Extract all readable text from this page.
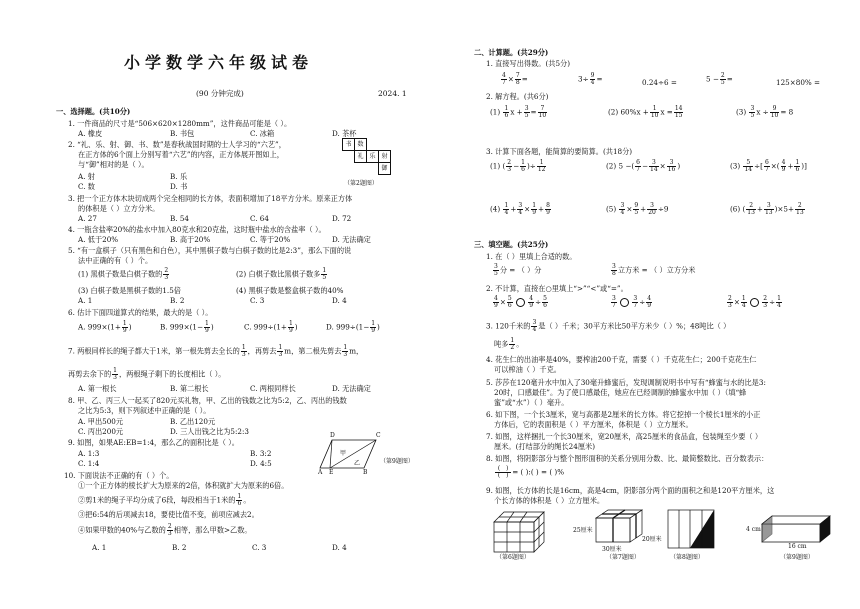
小学数学六年级试卷
(90 分钟完成)	2024. 1
一、选择题。(共10分)
1. 一件商品的尺寸是“506×620×1280mm”，这件商品可能是（ ）。
A. 橡皮	B. 书包	C. 冰箱	D. 茶杯
2. “礼、乐、射、御、书、数”是春秋战国时期的士人学习的“六艺”，
在正方体的6个面上分别写着“六艺”的内容，正方体展开图如上，
与“御”相对的是（ ）。
A. 射	B. 乐
C. 数	D. 书
书 数
礼 乐 射
御
（第2题图）
3. 把一个正方体木块切成两个完全相同的长方体，表面积增加了18平方分米。原来正方体
的体积是（ ）立方分米。
A. 27	B. 54	C. 64	D. 72
4. 一瓶含盐率20%的盐水中加入80克水和20克盐，这时瓶中盐水的含盐率（ ）。
A. 低于20%	B. 高于20%	C. 等于20%	D. 无法确定
5. “有一盒棋子（只有黑色和白色），其中黑棋子数与白棋子数的比是2:3”，那么下面的说
法中正确的有（ ）个。
(1) 黑棋子数是白棋子数的 $\frac{2}{3}$	(2) 白棋子数比黑棋子数多 $\frac{1}{5}$
(3) 白棋子数是黑棋子数的1.5倍	(4) 黑棋子数是整盒棋子数的40%
A. 1	B. 2	C. 3	D. 4
6. 估计下面四道算式的结果，最大的是（ ）。
A. $999\times(1+ \frac{1}{9}$ )	B. $999\times(1- \frac{1}{9}$ )	C. $999\div(1+ \frac{1}{9}$ )	D. $999\div(1- \frac{1}{9}$ )
7. 两根同样长的绳子都大于1米，第一根先剪去全长的 $\frac{1}{3}$ ，再剪去 $\frac{1}{3}$ m，第二根先剪去 $\frac{1}{3}$ m，
再剪去余下的 $\frac{1}{3}$ ，两根绳子剩下的长度相比（ ）。
A. 第一根长	B. 第二根长	C. 两根同样长	D. 无法确定
8. 甲、乙、丙三人一起买了820元买礼物，甲、乙出的钱数之比为5:2，乙、丙出的钱数
之比为5:3，则下列叙述中正确的是（ ）。
A. 甲出500元	B. 乙出120元
C. 丙出200元	D. 三人出钱之比为5:2:3
9. 如图，如果AE:EB=1:4，那么乙的面积比是（ ）。
A. 1:3	B. 3:2
C. 1:4	D. 4:5
D	C
甲
乙
A E	B
（第9题图）
10. 下面说法不正确的有（ ）个。
①一个正方体的棱长扩大为原来的2倍，体积就扩大为原来的6倍。
②剪1米的绳子平均分成了6段，每段相当于1米的 $\frac{1}{6}$ 。
③把6:54的后项减去18，要使比值不变，前项应减去2。
④如果甲数的40%与乙数的 $\frac{2}{3}$ 相等，那么甲数>乙数。
A. 1	B. 2	C. 3	D. 4
二、计算题。(共29分)
1. 直接写出得数。(共5分)
$\frac{4}{7} \times \frac{7}{8}$ =	$3\div \frac{9}{4}$ =	0.24÷6 =	$5 - \frac{2}{5}$ =	125×80% =
2. 解方程。(共6分)
$(1) \frac{1}{6}$ $x + \frac{3}{5} = \frac{7}{10}$	(2) $60\%x + \frac{1}{10}$ $x = \frac{14}{15}$	$(3) \frac{3}{5}$ $x \div \frac{9}{10} = 8$
3. 计算下面各题，能简算的要简算。(共18分)
(1) ( $\frac{2}{3} - \frac{1}{6}$ )÷ $\frac{1}{12}$	(2) 5 −( $\frac{6}{7} - \frac{3}{14} \times \frac{3}{16}$ )	$(3) \frac{5}{14}$ ÷[ $\frac{6}{7}$ ×( $\frac{4}{9} + \frac{1}{6}$ )]
$(4) \frac{1}{4} + \frac{3}{4} \times \frac{1}{9} + \frac{8}{9}$	$(5) \frac{3}{4} \times \frac{9}{5} + \frac{3}{20} \div 9$	(6) ( $\frac{2}{13} + \frac{3}{13} )\times 5+ \frac{2}{13}$
三、填空题。(共25分)
1. 在（ ）里填上合适的数。
$\frac{3}{5}$ 分 = （ ）分	$\frac{3}{8}$ 立方米 = （ ）立方分米
2. 不计算，直接在○里填上“>”“<”或“=”。
$\frac{4}{9} \times \frac{5}{6}$
	$\frac{4}{9} \div \frac{5}{6}$	$\frac{3}{7}$
	$\frac{3}{7} \div \frac{4}{9}$	$\frac{2}{3} \times \frac{1}{4}$
	$\frac{2}{3} \div \frac{1}{4}$
3. 120千米的 $\frac{3}{4}$ 是（ ）千米；30平方米比50平方米少（ ）%；48吨比（ ）
吨多 $\frac{1}{2}$ 。
4. 花生仁的出油率是40%，要榨油200千克，需要（ ）千克花生仁；200千克花生仁
可以榨油（ ）千克。
5. 莎莎在120毫升水中加入了30毫升蜂蜜后，发现调制说明书中写有“蜂蜜与水的比是3:
20时，口感最佳”。为了使口感最佳，她应在已经调制的蜂蜜水中加（ ）（填“蜂
蜜”或“水”）（ ）毫升。
6. 如下图，一个长3厘米，宽与高都是2厘米的长方体。将它挖掉一个棱长1厘米的小正
方体后，它的表面积是（ ）平方厘米，体积是（ ）立方厘米。
7. 如图，这样捆扎一个长30厘米，宽20厘米，高25厘米的食品盒，包装绳至少要（ ）
厘米。(打结部分的绳长24厘米)
8. 如图，将阴影部分与整个图形面积的关系分别用分数、比、最简整数比、百分数表示：
$\frac{( )}{( )}$ = ( ):( ) = ( )%
9. 如图，长方体的长是16cm，高是4cm，阴影部分两个面的面积之和是120平方厘米，这
个长方体的体积是（ ）立方厘米。
（第6题图）
25厘米
30厘米
20厘米
（第7题图）	（第8题图）
4 cm
16 cm
（第9题图）
